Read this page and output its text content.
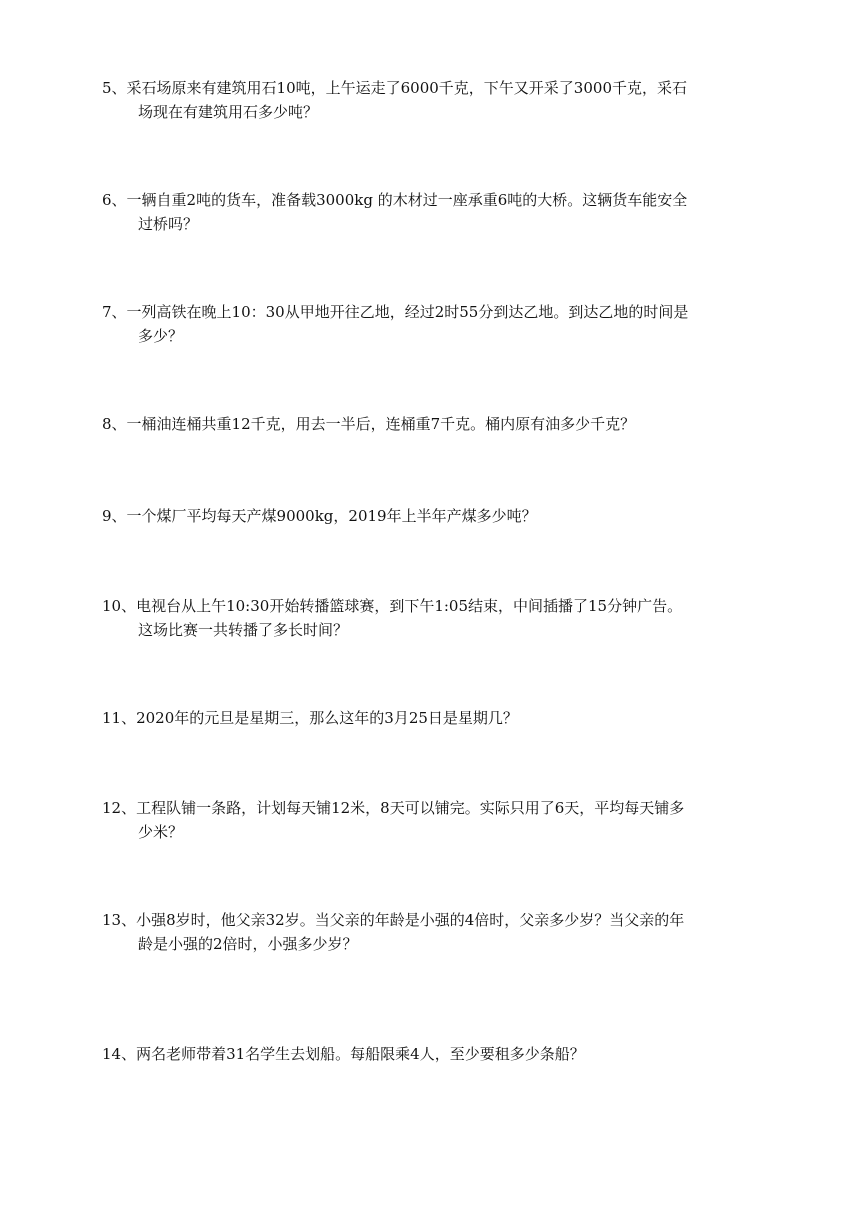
5、采石场原来有建筑用石10吨，上午运走了6000千克，下午又开采了3000千克，采石
场现在有建筑用石多少吨？
6、一辆自重2吨的货车，准备载3000kg 的木材过一座承重6吨的大桥。这辆货车能安全
过桥吗？
7、一列高铁在晚上10：30从甲地开往乙地，经过2时55分到达乙地。到达乙地的时间是
多少？
8、一桶油连桶共重12千克，用去一半后，连桶重7千克。桶内原有油多少千克？
9、一个煤厂平均每天产煤9000kg，2019年上半年产煤多少吨？
10、电视台从上午10:30开始转播篮球赛，到下午1:05结束，中间插播了15分钟广告。
这场比赛一共转播了多长时间？
11、2020年的元旦是星期三，那么这年的3月25日是星期几？
12、工程队铺一条路，计划每天铺12米，8天可以铺完。实际只用了6天，平均每天铺多
少米？
13、小强8岁时，他父亲32岁。当父亲的年龄是小强的4倍时，父亲多少岁？当父亲的年
龄是小强的2倍时，小强多少岁？
14、两名老师带着31名学生去划船。每船限乘4人，至少要租多少条船？
